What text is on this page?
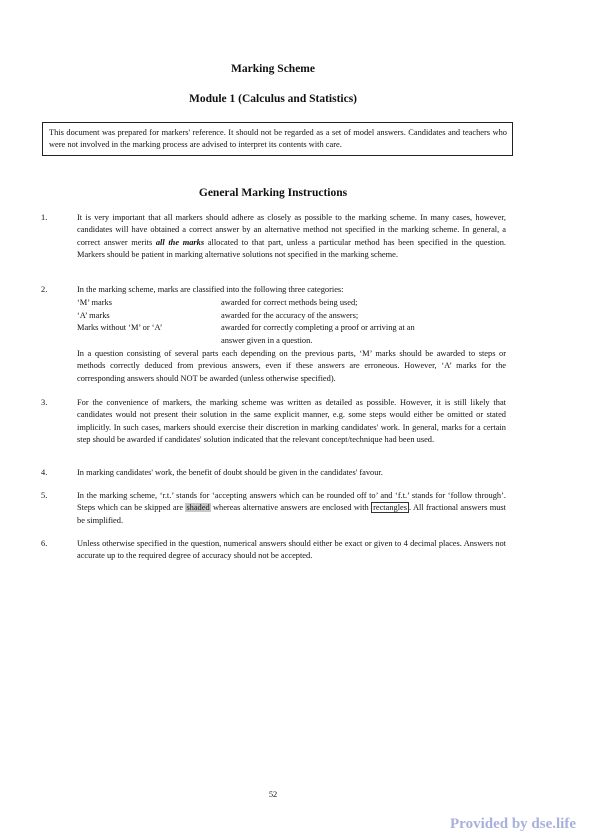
Marking Scheme
Module 1 (Calculus and Statistics)
This document was prepared for markers' reference. It should not be regarded as a set of model answers. Candidates and teachers who were not involved in the marking process are advised to interpret its contents with care.
General Marking Instructions
1.	It is very important that all markers should adhere as closely as possible to the marking scheme. In many cases, however, candidates will have obtained a correct answer by an alternative method not specified in the marking scheme. In general, a correct answer merits all the marks allocated to that part, unless a particular method has been specified in the question. Markers should be patient in marking alternative solutions not specified in the marking scheme.
2.	In the marking scheme, marks are classified into the following three categories:
‘M’ marks	awarded for correct methods being used;
‘A’ marks	awarded for the accuracy of the answers;
Marks without ‘M’ or ‘A’	awarded for correctly completing a proof or arriving at an answer given in a question.
In a question consisting of several parts each depending on the previous parts, ‘M’ marks should be awarded to steps or methods correctly deduced from previous answers, even if these answers are erroneous. However, ‘A’ marks for the corresponding answers should NOT be awarded (unless otherwise specified).
3.	For the convenience of markers, the marking scheme was written as detailed as possible. However, it is still likely that candidates would not present their solution in the same explicit manner, e.g. some steps would either be omitted or stated implicitly. In such cases, markers should exercise their discretion in marking candidates' work. In general, marks for a certain step should be awarded if candidates' solution indicated that the relevant concept/technique had been used.
4.	In marking candidates' work, the benefit of doubt should be given in the candidates' favour.
5.	In the marking scheme, ‘r.t.’ stands for ‘accepting answers which can be rounded off to’ and ‘f.t.’ stands for ‘follow through’. Steps which can be skipped are shaded whereas alternative answers are enclosed with rectangles . All fractional answers must be simplified.
6.	Unless otherwise specified in the question, numerical answers should either be exact or given to 4 decimal places. Answers not accurate up to the required degree of accuracy should not be accepted.
52
Provided by dse.life
